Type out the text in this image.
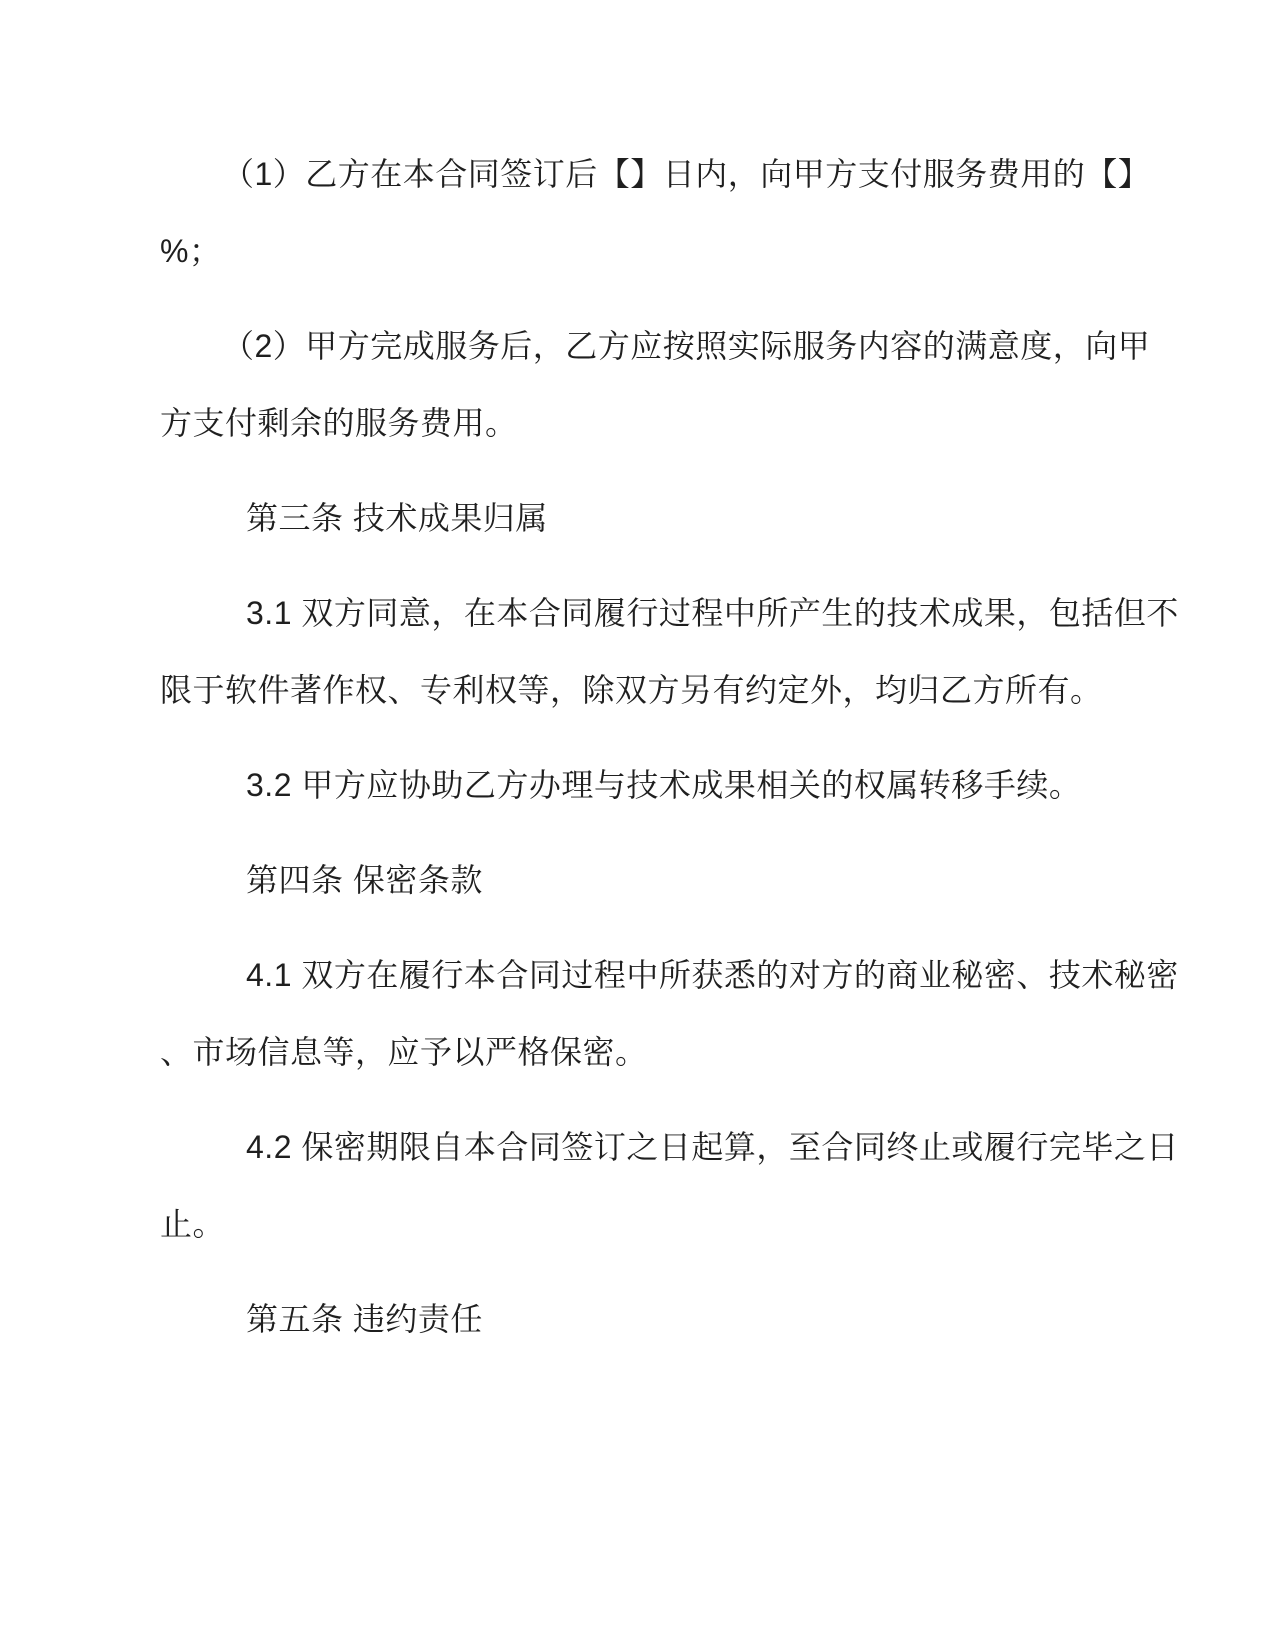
（1）乙方在本合同签订后【】日内，向甲方支付服务费用的【】
%；
（2）甲方完成服务后，乙方应按照实际服务内容的满意度，向甲
方支付剩余的服务费用。
第三条 技术成果归属
3.1 双方同意，在本合同履行过程中所产生的技术成果，包括但不
限于软件著作权、专利权等，除双方另有约定外，均归乙方所有。
3.2 甲方应协助乙方办理与技术成果相关的权属转移手续。
第四条 保密条款
4.1 双方在履行本合同过程中所获悉的对方的商业秘密、技术秘密
、市场信息等，应予以严格保密。
4.2 保密期限自本合同签订之日起算，至合同终止或履行完毕之日
止。
第五条 违约责任
